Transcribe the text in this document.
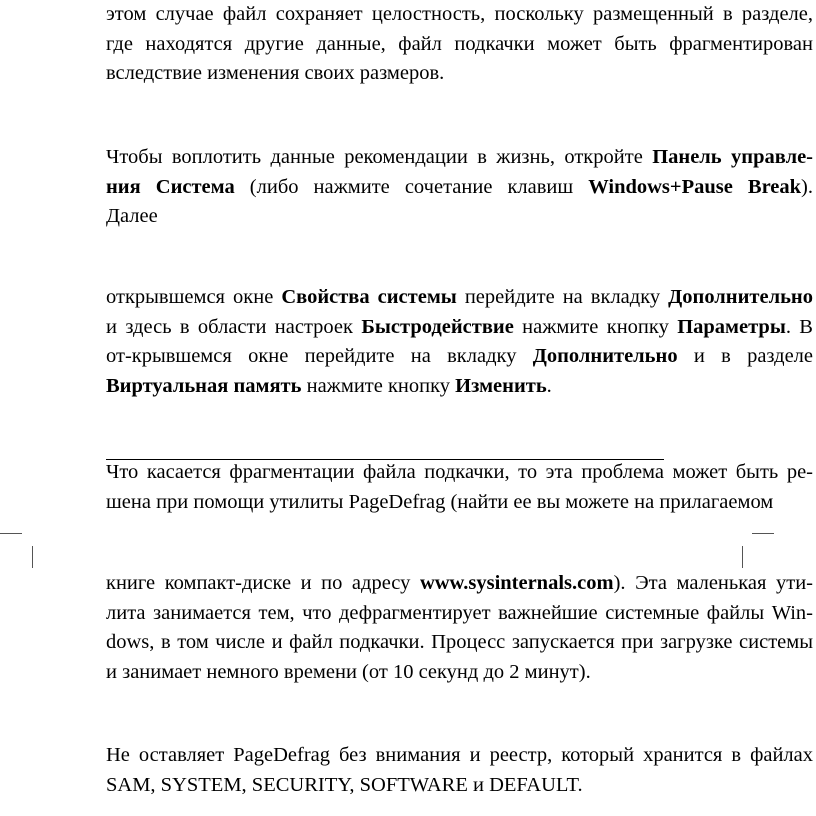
этом случае файл сохраняет целостность, поскольку размещенный в разделе,
где находятся другие данные, файл подкачки может быть фрагментирован
вследствие изменения своих размеров.
Чтобы воплотить данные рекомендации в жизнь, откройте Панель управле-
ния Система (либо нажмите сочетание клавиш Windows+Pause Break).
Далее
открывшемся окне Свойства системы перейдите на вкладку Дополнительно
и здесь в области настроек Быстродействие нажмите кнопку Параметры. В
от-крывшемся окне перейдите на вкладку Дополнительно и в разделе
Виртуальная память нажмите кнопку Изменить.
Что касается фрагментации файла подкачки, то эта проблема может быть ре-
шена при помощи утилиты PageDefrag (найти ее вы можете на прилагаемом
книге компакт-диске и по адресу www.sysinternals.com). Эта маленькая ути-
лита занимается тем, что дефрагментирует важнейшие системные файлы Win-
dows, в том числе и файл подкачки. Процесс запускается при загрузке системы
и занимает немного времени (от 10 секунд до 2 минут).
Не оставляет PageDefrag без внимания и реестр, который хранится в файлах
SAM, SYSTEM, SECURITY, SOFTWARE и DEFAULT.
